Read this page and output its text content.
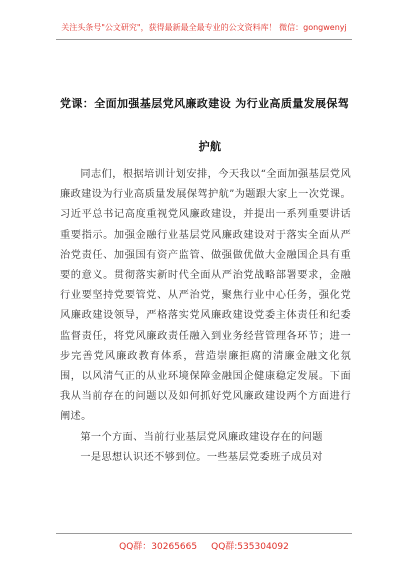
关注头条号"公文研究"，获得最新最全最专业的公文资料库！ 微信：gongwenyj
党课：全面加强基层党风廉政建设 为行业高质量发展保驾
护航

同志们，根据培训计划安排，今天我以“全面加强基层党风廉政建设为行业高质量发展保驾护航”为题跟大家上一次党课。习近平总书记高度重视党风廉政建设，并提出一系列重要讲话重要指示。加强金融行业基层党风廉政建设对于落实全面从严治党责任、加强国有资产监管、做强做优做大金融国企具有重要的意义。贯彻落实新时代全面从严治党战略部署要求，金融行业要坚持党要管党、从严治党，聚焦行业中心任务，强化党风廉政建设领导，严格落实党风廉政建设党委主体责任和纪委监督责任，将党风廉政责任融入到业务经营管理各环节；进一步完善党风廉政教育体系，营造崇廉拒腐的清廉金融文化氛围，以风清气正的从业环境保障金融国企健康稳定发展。下面我从当前存在的问题以及如何抓好党风廉政建设两个方面进行阐述。

第一个方面、当前行业基层党风廉政建设存在的问题

一是思想认识还不够到位。一些基层党委班子成员对

QQ群：30265665 QQ群:535304092
